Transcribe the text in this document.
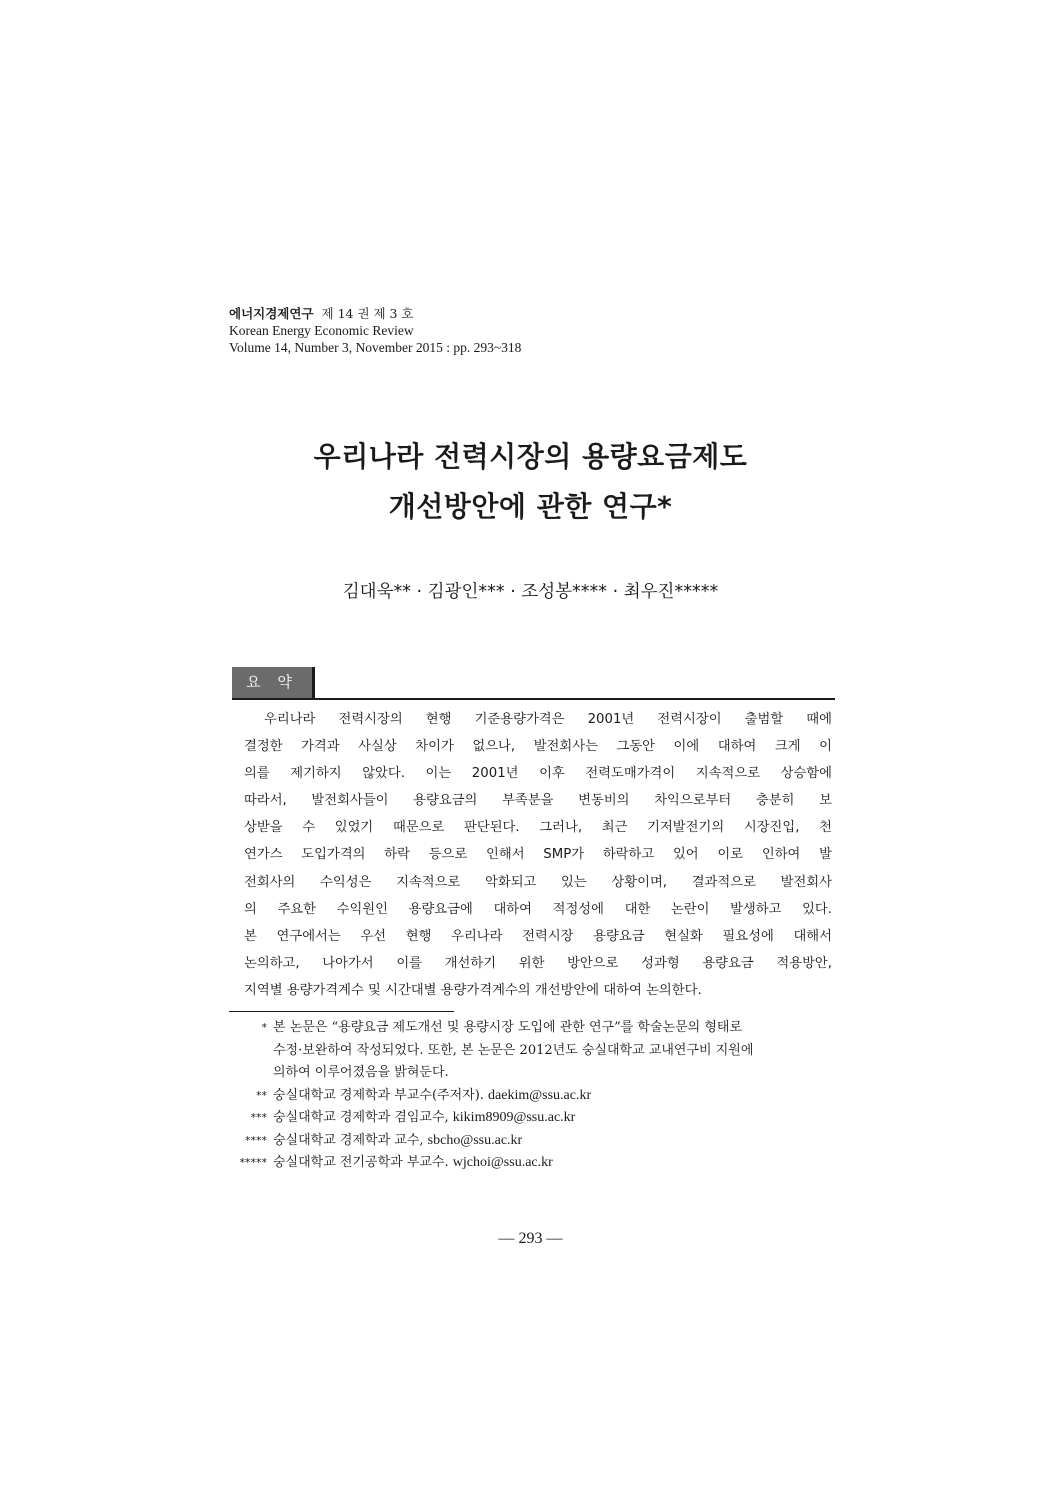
에너지경제연구 제 14 권 제 3 호
Korean Energy Economic Review
Volume 14, Number 3, November 2015 : pp. 293~318
우리나라 전력시장의 용량요금제도
개선방안에 관한 연구*
김대욱** · 김광인*** · 조성봉**** · 최우진*****
요 약
우리나라 전력시장의 현행 기준용량가격은 2001년 전력시장이 출범할 때에
결정한 가격과 사실상 차이가 없으나, 발전회사는 그동안 이에 대하여 크게 이
의를 제기하지 않았다. 이는 2001년 이후 전력도매가격이 지속적으로 상승함에
따라서, 발전회사들이 용량요금의 부족분을 변동비의 차익으로부터 충분히 보
상받을 수 있었기 때문으로 판단된다. 그러나, 최근 기저발전기의 시장진입, 천
연가스 도입가격의 하락 등으로 인해서 SMP가 하락하고 있어 이로 인하여 발
전회사의 수익성은 지속적으로 악화되고 있는 상황이며, 결과적으로 발전회사
의 주요한 수익원인 용량요금에 대하여 적정성에 대한 논란이 발생하고 있다.
본 연구에서는 우선 현행 우리나라 전력시장 용량요금 현실화 필요성에 대해서
논의하고, 나아가서 이를 개선하기 위한 방안으로 성과형 용량요금 적용방안,
지역별 용량가격계수 및 시간대별 용량가격계수의 개선방안에 대하여 논의한다.
* 본 논문은 “용량요금 제도개선 및 용량시장 도입에 관한 연구”를 학술논문의 형태로
수정·보완하여 작성되었다. 또한, 본 논문은 2012년도 숭실대학교 교내연구비 지원에
의하여 이루어졌음을 밝혀둔다.
** 숭실대학교 경제학과 부교수(주저자). daekim@ssu.ac.kr
*** 숭실대학교 경제학과 겸임교수, kikim8909@ssu.ac.kr
**** 숭실대학교 경제학과 교수, sbcho@ssu.ac.kr
***** 숭실대학교 전기공학과 부교수. wjchoi@ssu.ac.kr
— 293 —
